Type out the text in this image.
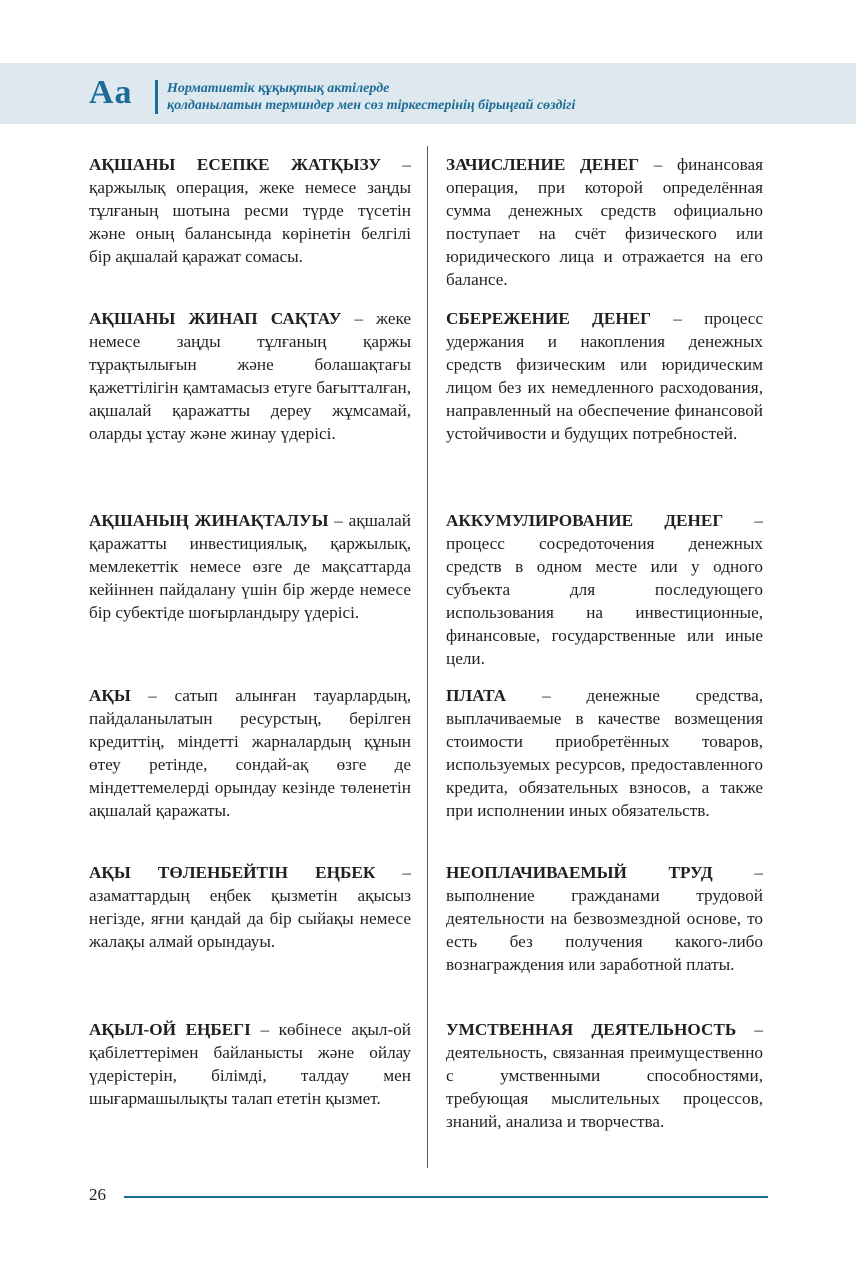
Aa Нормативтік құқықтық актілерде
қолданылатын терминдер мен сөз тіркестерінің бірыңғай сөздігі
АҚШАНЫ ЕСЕПКЕ ЖАТҚЫЗУ – қаржылық операция, жеке немесе заңды тұлғаның шотына ресми түрде түсетін және оның балансында көрінетін белгілі бір ақшалай қаражат сомасы.
ЗАЧИСЛЕНИЕ ДЕНЕГ – финансовая операция, при которой определённая сумма денежных средств официально поступает на счёт физического или юридического лица и отражается на его балансе.
АҚШАНЫ ЖИНАП САҚТАУ – жеке немесе заңды тұлғаның қаржы тұрақтылығын және болашақтағы қажеттілігін қамтамасыз етуге бағытталған, ақшалай қаражатты дереу жұмсамай, оларды ұстау және жинау үдерісі.
СБЕРЕЖЕНИЕ ДЕНЕГ – процесс удержания и накопления денежных средств физическим или юридическим лицом без их немедленного расходования, направленный на обеспечение финансовой устойчивости и будущих потребностей.
АҚШАНЫҢ ЖИНАҚТАЛУЫ – ақшалай қаражатты инвестициялық, қаржылық, мемлекеттік немесе өзге де мақсаттарда кейіннен пайдалану үшін бір жерде немесе бір субектіде шоғырландыру үдерісі.
АККУМУЛИРОВАНИЕ ДЕНЕГ – процесс сосредоточения денежных средств в одном месте или у одного субъекта для последующего использования на инвестиционные, финансовые, государственные или иные цели.
АҚЫ – сатып алынған тауарлардың, пайдаланылатын ресурстың, берілген кредиттің, міндетті жарналардың құнын өтеу ретінде, сондай-ақ өзге де міндеттемелерді орындау кезінде төленетін ақшалай қаражаты.
ПЛАТА – денежные средства, выплачиваемые в качестве возмещения стоимости приобретённых товаров, используемых ресурсов, предоставленного кредита, обязательных взносов, а также при исполнении иных обязательств.
АҚЫ ТӨЛЕНБЕЙТІН ЕҢБЕК – азаматтардың еңбек қызметін ақысыз негізде, яғни қандай да бір сыйақы немесе жалақы алмай орындауы.
НЕОПЛАЧИВАЕМЫЙ ТРУД – выполнение гражданами трудовой деятельности на безвозмездной основе, то есть без получения какого-либо вознаграждения или заработной платы.
АҚЫЛ-ОЙ ЕҢБЕГІ – көбінесе ақыл-ой қабілеттерімен байланысты және ойлау үдерістерін, білімді, талдау мен шығармашылықты талап ететін қызмет.
УМСТВЕННАЯ ДЕЯТЕЛЬНОСТЬ – деятельность, связанная преимущественно с умственными способностями, требующая мыслительных процессов, знаний, анализа и творчества.
26
